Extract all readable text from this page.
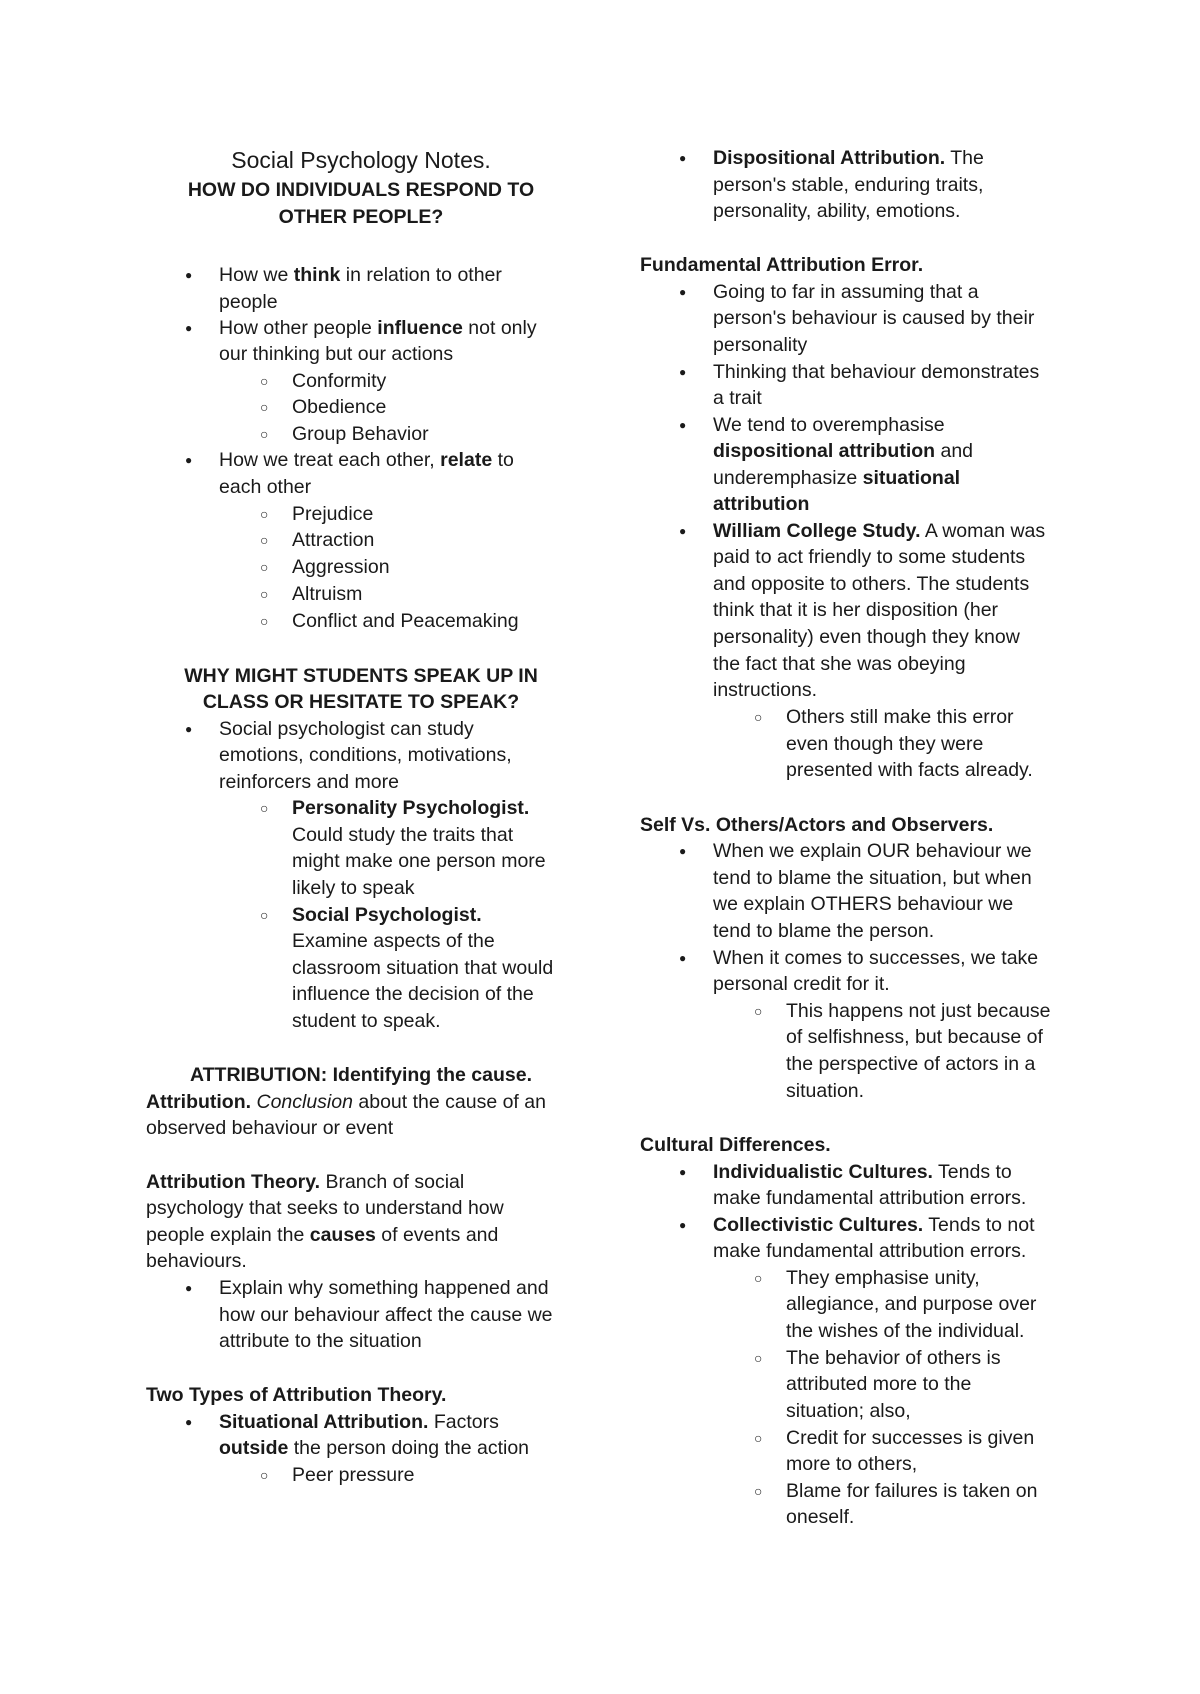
Social Psychology Notes.
HOW DO INDIVIDUALS RESPOND TO
OTHER PEOPLE?
● How we think in relation to other
people
● How other people influence not only
our thinking but our actions
○ Conformity
○ Obedience
○ Group Behavior
● How we treat each other, relate to
each other
○ Prejudice
○ Attraction
○ Aggression
○ Altruism
○ Conflict and Peacemaking
WHY MIGHT STUDENTS SPEAK UP IN
CLASS OR HESITATE TO SPEAK?
● Social psychologist can study
emotions, conditions, motivations,
reinforcers and more
○ Personality Psychologist.
Could study the traits that
might make one person more
likely to speak
○ Social Psychologist.
Examine aspects of the
classroom situation that would
influence the decision of the
student to speak.
ATTRIBUTION: Identifying the cause.
Attribution. Conclusion about the cause of an
observed behaviour or event
Attribution Theory. Branch of social
psychology that seeks to understand how
people explain the causes of events and
behaviours.
● Explain why something happened and
how our behaviour affect the cause we
attribute to the situation
Two Types of Attribution Theory.
● Situational Attribution. Factors
outside the person doing the action
○ Peer pressure
● Dispositional Attribution. The
person's stable, enduring traits,
personality, ability, emotions.
Fundamental Attribution Error.
● Going to far in assuming that a
person's behaviour is caused by their
personality
● Thinking that behaviour demonstrates
a trait
● We tend to overemphasise
dispositional attribution and
underemphasize situational
attribution
● William College Study. A woman was
paid to act friendly to some students
and opposite to others. The students
think that it is her disposition (her
personality) even though they know
the fact that she was obeying
instructions.
○ Others still make this error
even though they were
presented with facts already.
Self Vs. Others/Actors and Observers.
● When we explain OUR behaviour we
tend to blame the situation, but when
we explain OTHERS behaviour we
tend to blame the person.
● When it comes to successes, we take
personal credit for it.
○ This happens not just because
of selfishness, but because of
the perspective of actors in a
situation.
Cultural Differences.
● Individualistic Cultures. Tends to
make fundamental attribution errors.
● Collectivistic Cultures. Tends to not
make fundamental attribution errors.
○ They emphasise unity,
allegiance, and purpose over
the wishes of the individual.
○ The behavior of others is
attributed more to the
situation; also,
○ Credit for successes is given
more to others,
○ Blame for failures is taken on
oneself.
